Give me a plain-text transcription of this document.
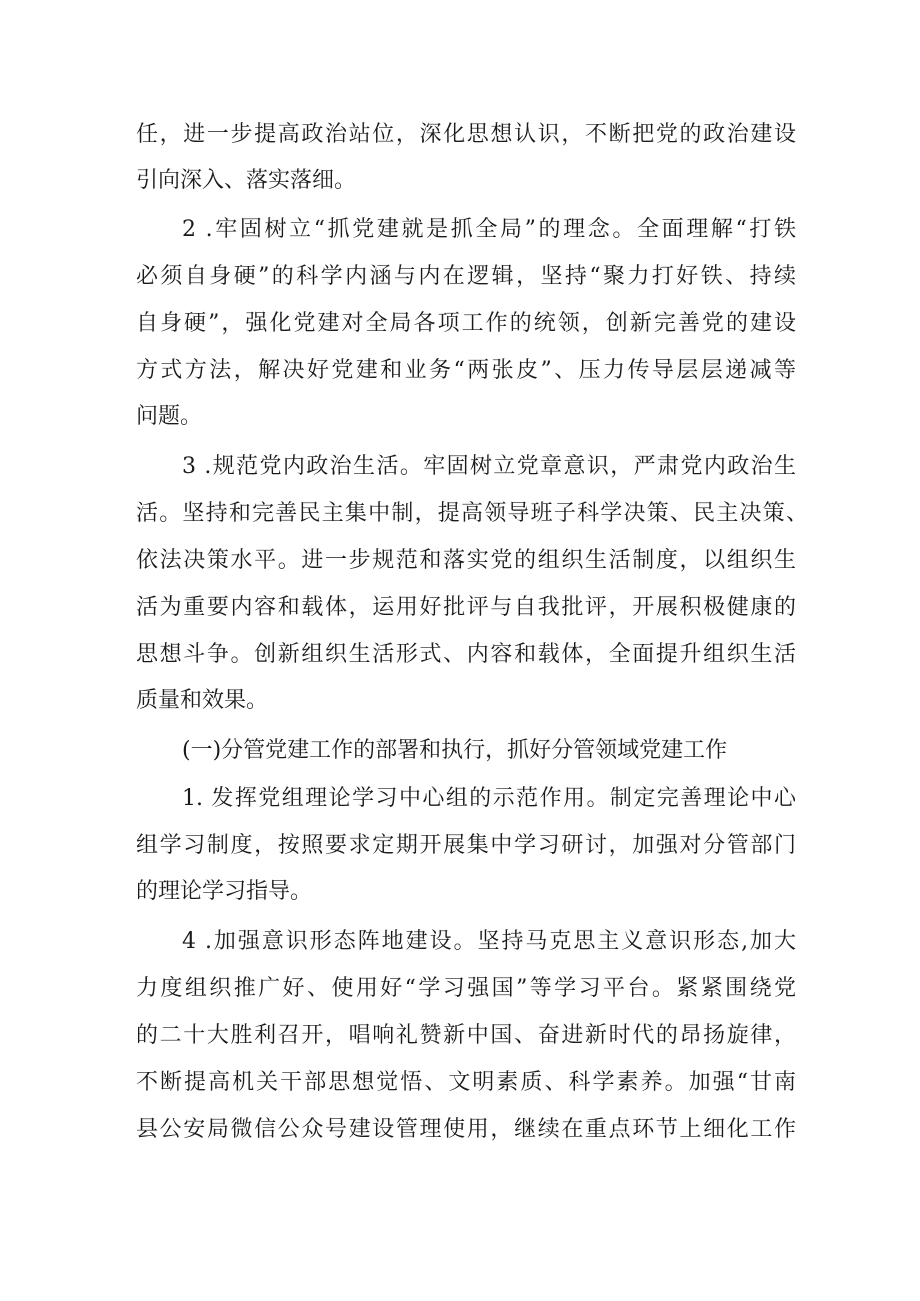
任，进一步提高政治站位，深化思想认识，不断把党的政治建设
引向深入、落实落细。
2 .牢固树立“抓党建就是抓全局”的理念。全面理解“打铁
必须自身硬”的科学内涵与内在逻辑，坚持“聚力打好铁、持续
自身硬”，强化党建对全局各项工作的统领，创新完善党的建设
方式方法，解决好党建和业务“两张皮”、压力传导层层递减等
问题。
3 .规范党内政治生活。牢固树立党章意识，严肃党内政治生
活。坚持和完善民主集中制，提高领导班子科学决策、民主决策、
依法决策水平。进一步规范和落实党的组织生活制度，以组织生
活为重要内容和载体，运用好批评与自我批评，开展积极健康的
思想斗争。创新组织生活形式、内容和载体，全面提升组织生活
质量和效果。
(一)分管党建工作的部署和执行，抓好分管领域党建工作
1. 发挥党组理论学习中心组的示范作用。制定完善理论中心
组学习制度，按照要求定期开展集中学习研讨，加强对分管部门
的理论学习指导。
4 .加强意识形态阵地建设。坚持马克思主义意识形态,加大
力度组织推广好、使用好“学习强国”等学习平台。紧紧围绕党
的二十大胜利召开，唱响礼赞新中国、奋进新时代的昂扬旋律，
不断提高机关干部思想觉悟、文明素质、科学素养。加强“甘南
县公安局微信公众号建设管理使用，继续在重点环节上细化工作
